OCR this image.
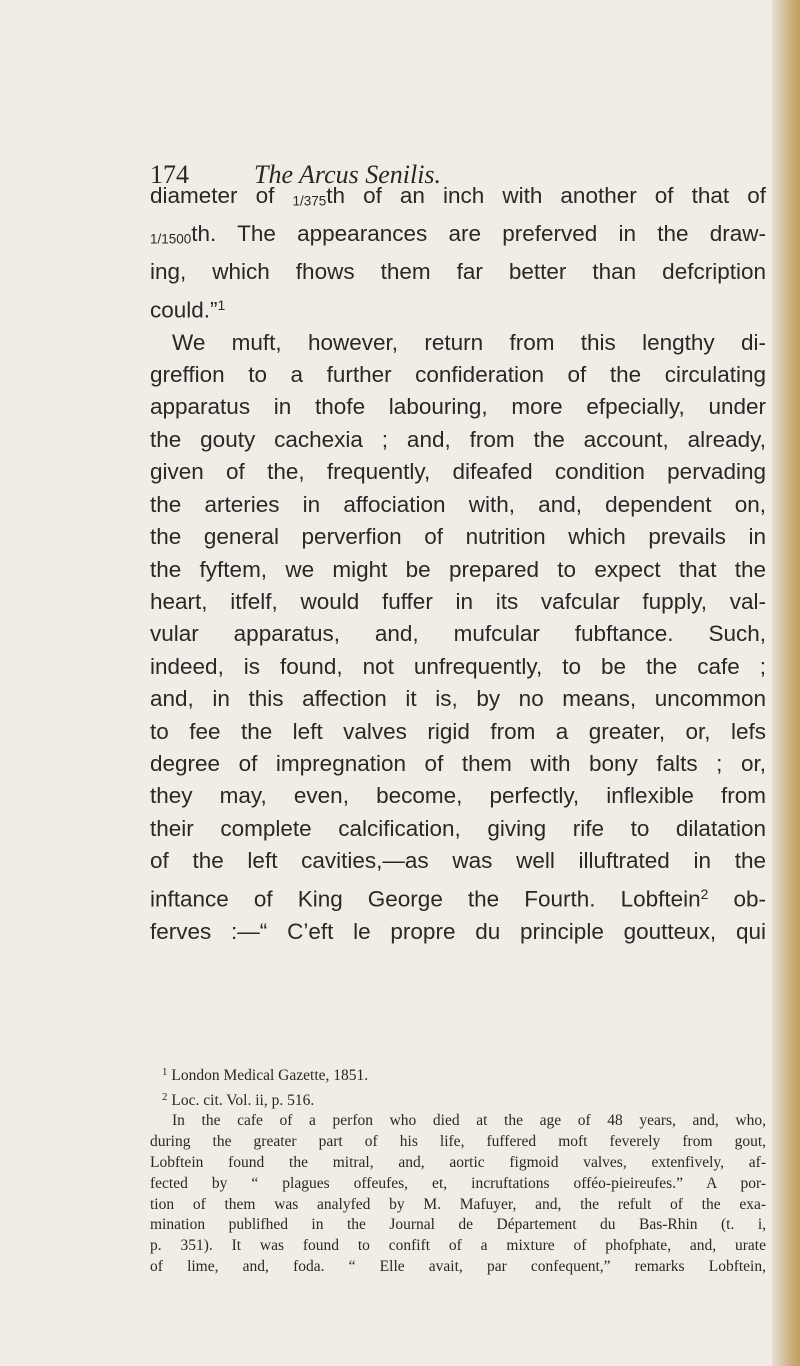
174	The Arcus Senilis.
diameter of 1/375th of an inch with another of that of
1/1500th. The appearances are preferved in the draw-
ing, which fhows them far better than defcription
could.”$^1$
We muft, however, return from this lengthy di-
greffion to a further confideration of the circulating
apparatus in thofe labouring, more efpecially, under
the gouty cachexia ; and, from the account, already,
given of the, frequently, difeafed condition pervading
the arteries in affociation with, and, dependent on,
the general perverfion of nutrition which prevails in
the fyftem, we might be prepared to expect that the
heart, itfelf, would fuffer in its vafcular fupply, val-
vular apparatus, and, mufcular fubftance. Such,
indeed, is found, not unfrequently, to be the cafe ;
and, in this affection it is, by no means, uncommon
to fee the left valves rigid from a greater, or, lefs
degree of impregnation of them with bony falts ; or,
they may, even, become, perfectly, inflexible from
their complete calcification, giving rife to dilatation
of the left cavities,—as was well illuftrated in the
inftance of King George the Fourth. Lobftein$^2$ ob-
ferves :—“ C’eft le propre du principle goutteux, qui
$^1$ London Medical Gazette, 1851.
$^2$ Loc. cit. Vol. ii, p. 516.
In the cafe of a perfon who died at the age of 48 years, and, who,
during the greater part of his life, fuffered moft feverely from gout,
Lobftein found the mitral, and, aortic figmoid valves, extenfively, af-
fected by “ plagues offeufes, et, incruftations offéo-pieireufes.” A por-
tion of them was analyfed by M. Mafuyer, and, the refult of the exa-
mination publifhed in the Journal de Département du Bas-Rhin (t. i,
p. 351). It was found to confift of a mixture of phofphate, and, urate
of lime, and, foda. “ Elle avait, par confequent,” remarks Lobftein,
